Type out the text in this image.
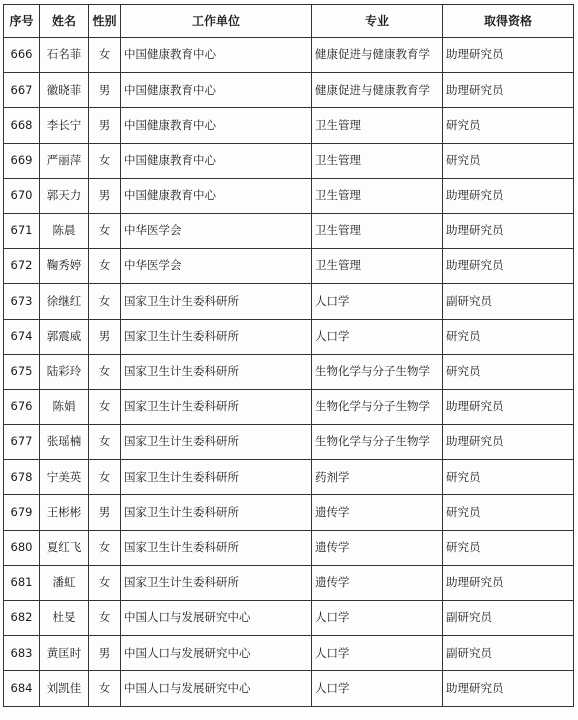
序号	姓名	性别	工作单位	专业	取得资格
666	石名菲	女	中国健康教育中心	健康促进与健康教育学	助理研究员
667	徽晓菲	男	中国健康教育中心	健康促进与健康教育学	助理研究员
668	李长宁	男	中国健康教育中心	卫生管理	研究员
669	严丽萍	女	中国健康教育中心	卫生管理	研究员
670	郭天力	男	中国健康教育中心	卫生管理	助理研究员
671	陈晨	女	中华医学会	卫生管理	助理研究员
672	鞠秀婷	女	中华医学会	卫生管理	助理研究员
673	徐继红	女	国家卫生计生委科研所	人口学	副研究员
674	郭震威	男	国家卫生计生委科研所	人口学	研究员
675	陆彩玲	女	国家卫生计生委科研所	生物化学与分子生物学	研究员
676	陈娟	女	国家卫生计生委科研所	生物化学与分子生物学	助理研究员
677	张瑶楠	女	国家卫生计生委科研所	生物化学与分子生物学	助理研究员
678	宁美英	女	国家卫生计生委科研所	药剂学	研究员
679	王彬彬	男	国家卫生计生委科研所	遗传学	研究员
680	夏红飞	女	国家卫生计生委科研所	遗传学	研究员
681	潘虹	女	国家卫生计生委科研所	遗传学	助理研究员
682	杜旻	女	中国人口与发展研究中心	人口学	副研究员
683	黄匡时	男	中国人口与发展研究中心	人口学	副研究员
684	刘凯佳	女	中国人口与发展研究中心	人口学	助理研究员
